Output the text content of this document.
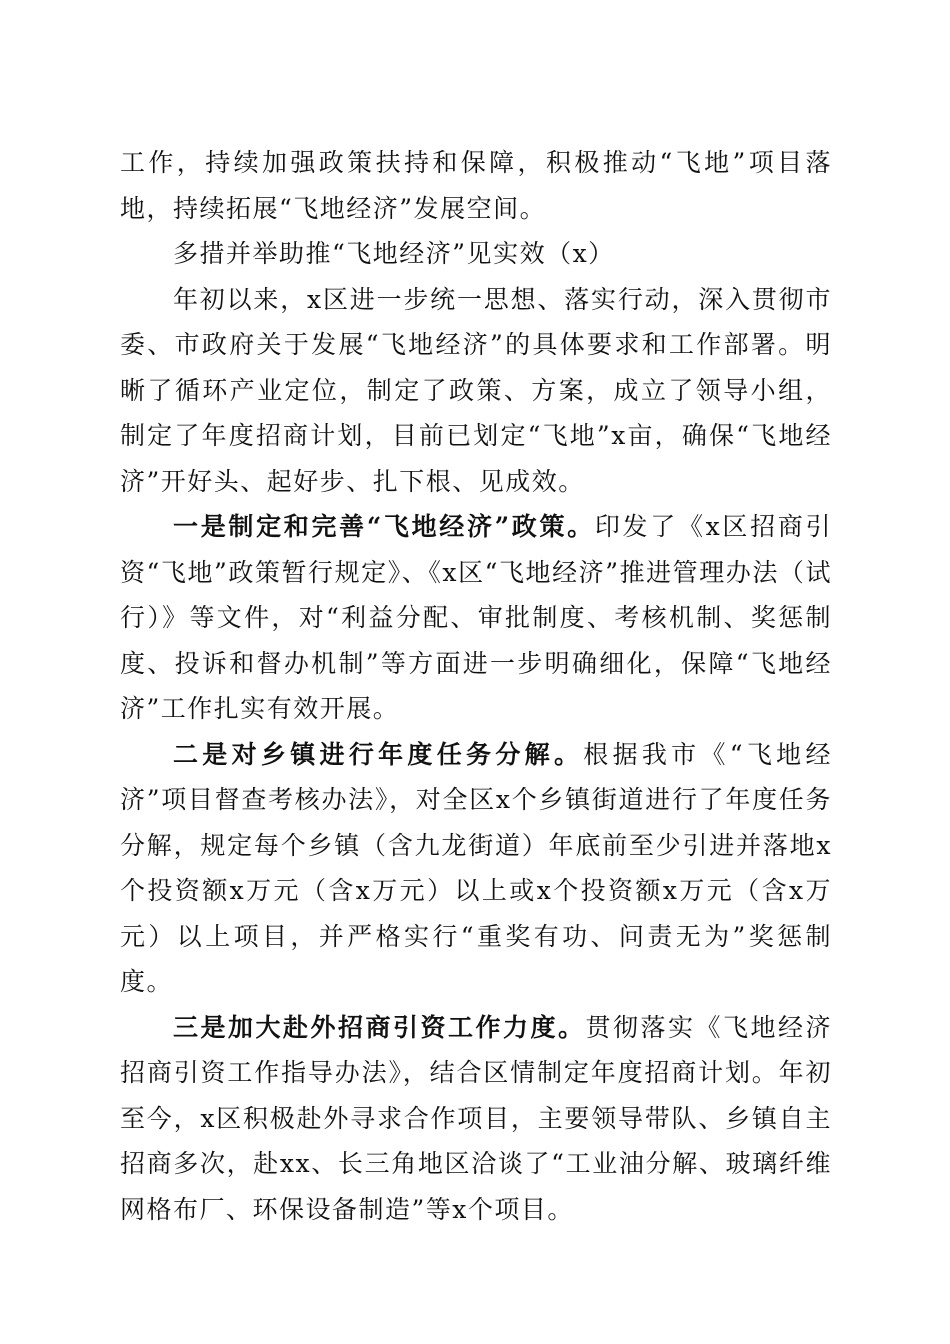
工作，持续加强政策扶持和保障，积极推动“飞地”项目落地，持续拓展“飞地经济”发展空间。

多措并举助推“飞地经济”见实效（x）

年初以来，x区进一步统一思想、落实行动，深入贯彻市委、市政府关于发展“飞地经济”的具体要求和工作部署。明晰了循环产业定位，制定了政策、方案，成立了领导小组，制定了年度招商计划，目前已划定“飞地”x亩，确保“飞地经济”开好头、起好步、扎下根、见成效。

一是制定和完善“飞地经济”政策。印发了《x区招商引资“飞地”政策暂行规定》、《x区“飞地经济”推进管理办法（试行）》等文件，对“利益分配、审批制度、考核机制、奖惩制度、投诉和督办机制”等方面进一步明确细化，保障“飞地经济”工作扎实有效开展。

二是对乡镇进行年度任务分解。根据我市《“飞地经济”项目督查考核办法》，对全区x个乡镇街道进行了年度任务分解，规定每个乡镇（含九龙街道）年底前至少引进并落地x个投资额x万元（含x万元）以上或x个投资额x万元（含x万元）以上项目，并严格实行“重奖有功、问责无为”奖惩制度。

三是加大赴外招商引资工作力度。贯彻落实《飞地经济招商引资工作指导办法》，结合区情制定年度招商计划。年初至今，x区积极赴外寻求合作项目，主要领导带队、乡镇自主招商多次，赴xx、长三角地区洽谈了“工业油分解、玻璃纤维网格布厂、环保设备制造”等x个项目。
